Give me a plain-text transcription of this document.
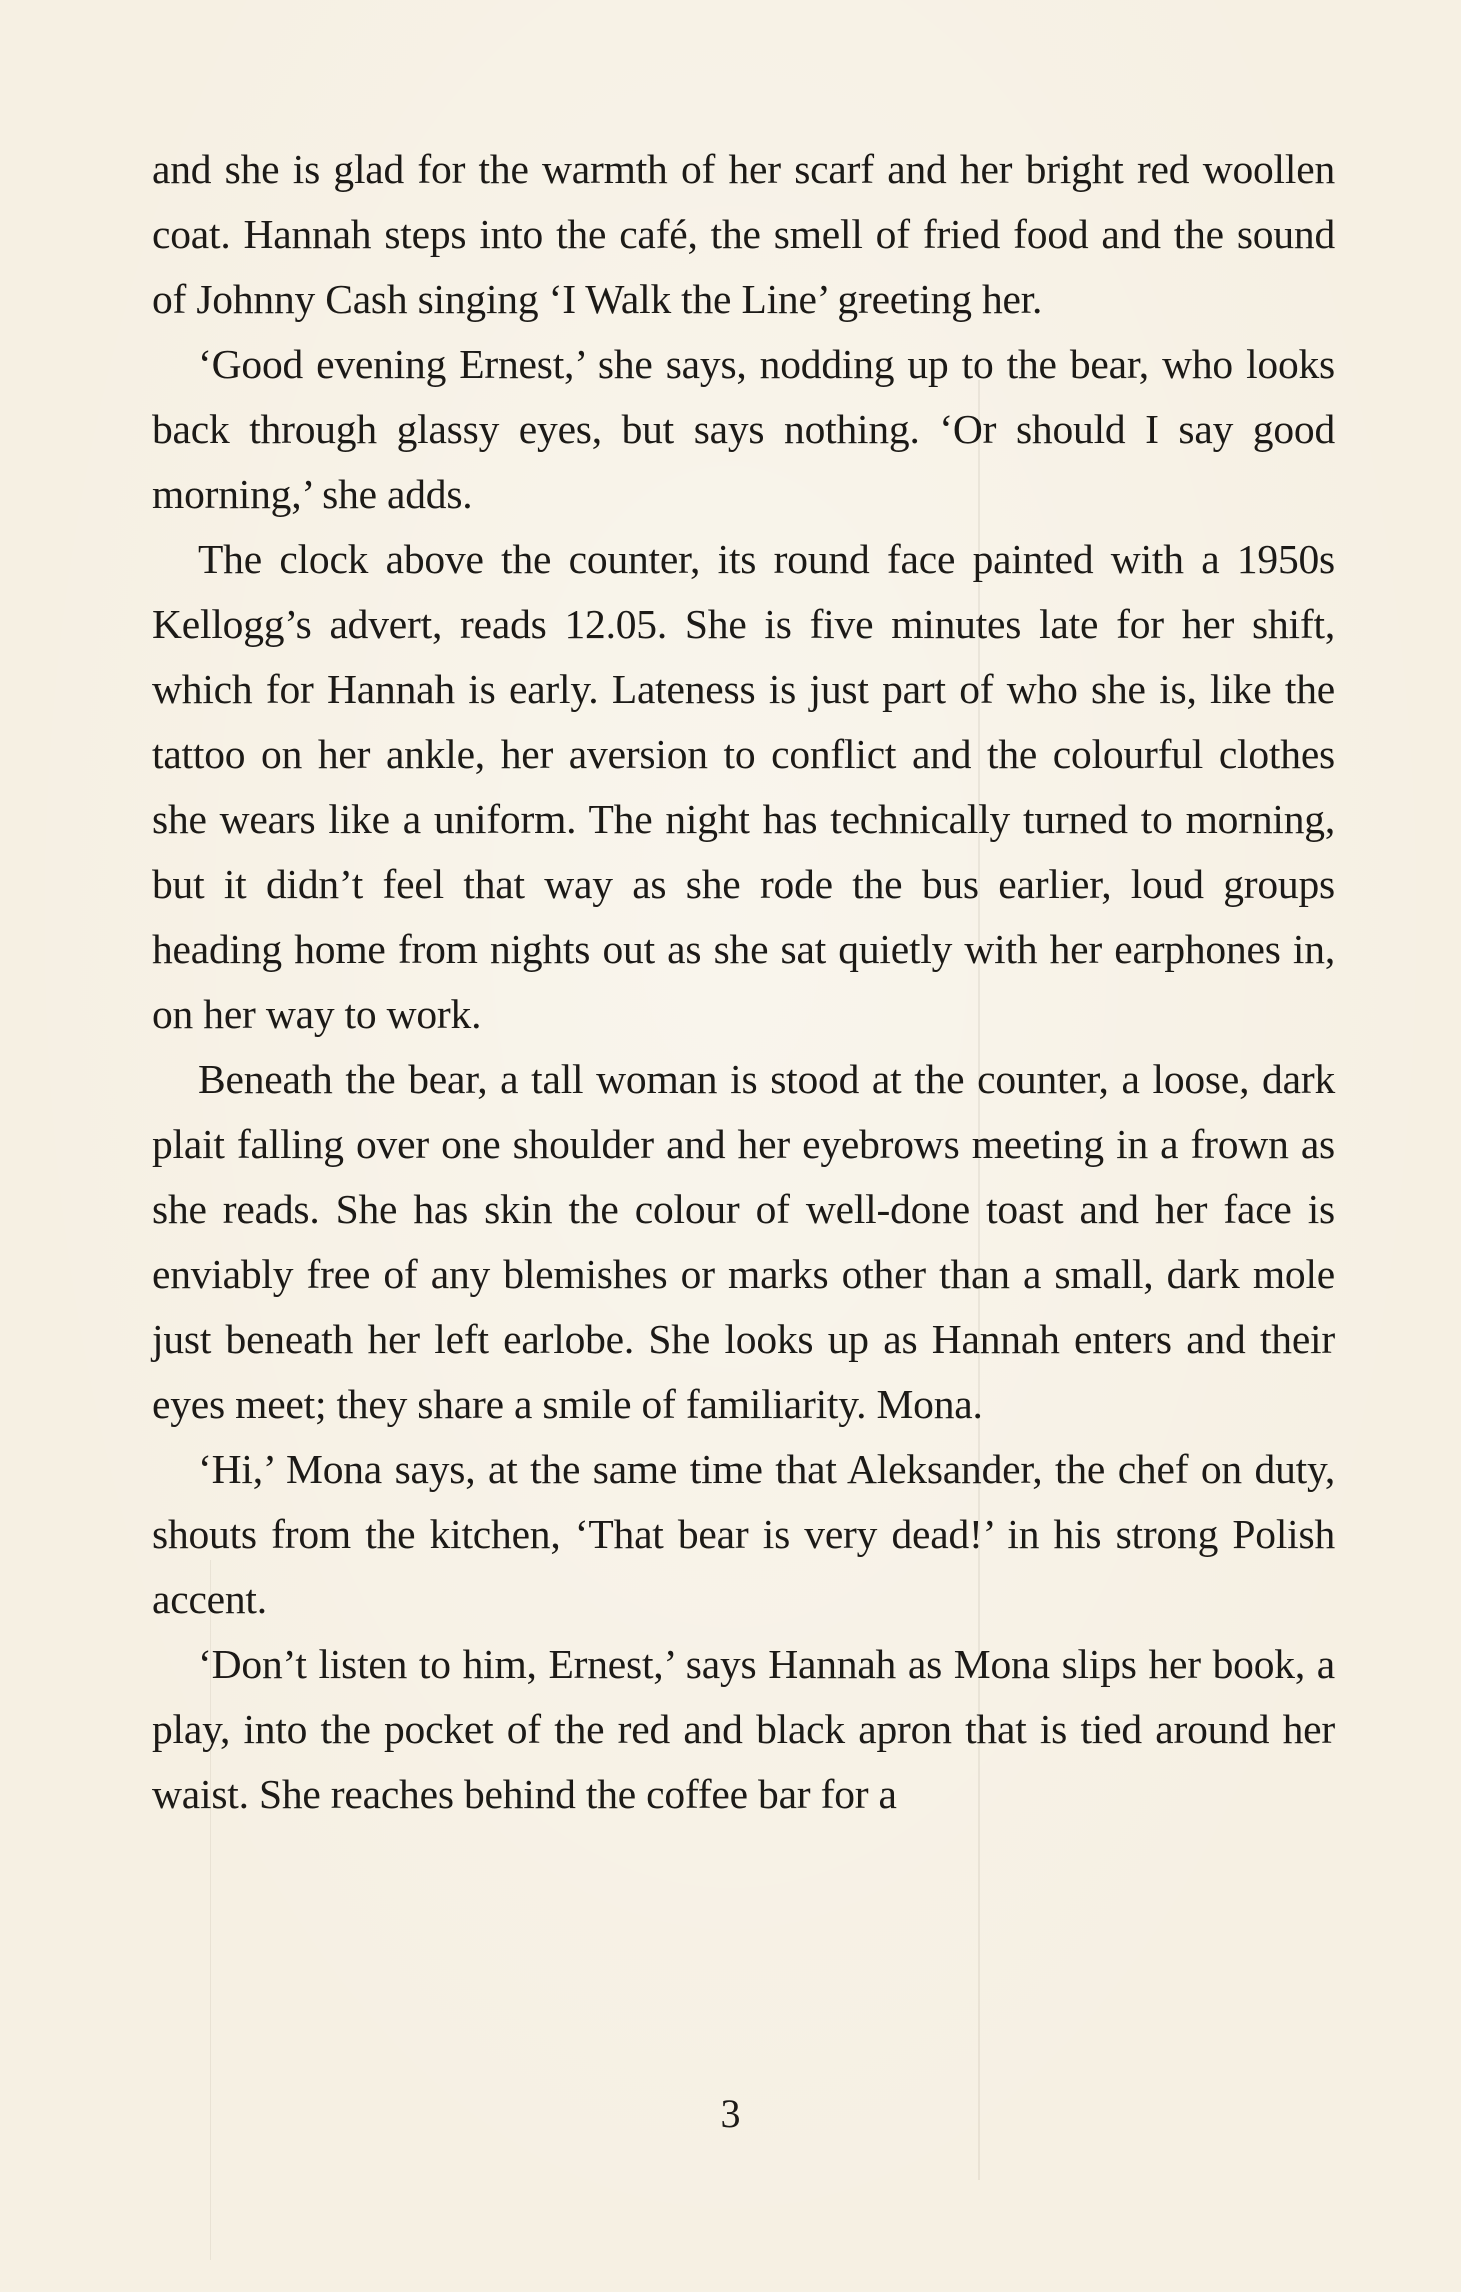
and she is glad for the warmth of her scarf and her bright red woollen coat. Hannah steps into the café, the smell of fried food and the sound of Johnny Cash singing ‘I Walk the Line’ greeting her.

‘Good evening Ernest,’ she says, nodding up to the bear, who looks back through glassy eyes, but says nothing. ‘Or should I say good morning,’ she adds.

The clock above the counter, its round face painted with a 1950s Kellogg’s advert, reads 12.05. She is five minutes late for her shift, which for Hannah is early. Lateness is just part of who she is, like the tattoo on her ankle, her aversion to conflict and the colourful clothes she wears like a uniform. The night has technically turned to morning, but it didn’t feel that way as she rode the bus earlier, loud groups heading home from nights out as she sat quietly with her earphones in, on her way to work.

Beneath the bear, a tall woman is stood at the counter, a loose, dark plait falling over one shoulder and her eyebrows meeting in a frown as she reads. She has skin the colour of well-done toast and her face is enviably free of any blemishes or marks other than a small, dark mole just beneath her left earlobe. She looks up as Hannah enters and their eyes meet; they share a smile of familiarity. Mona.

‘Hi,’ Mona says, at the same time that Aleksander, the chef on duty, shouts from the kitchen, ‘That bear is very dead!’ in his strong Polish accent.

‘Don’t listen to him, Ernest,’ says Hannah as Mona slips her book, a play, into the pocket of the red and black apron that is tied around her waist. She reaches behind the coffee bar for a

3
